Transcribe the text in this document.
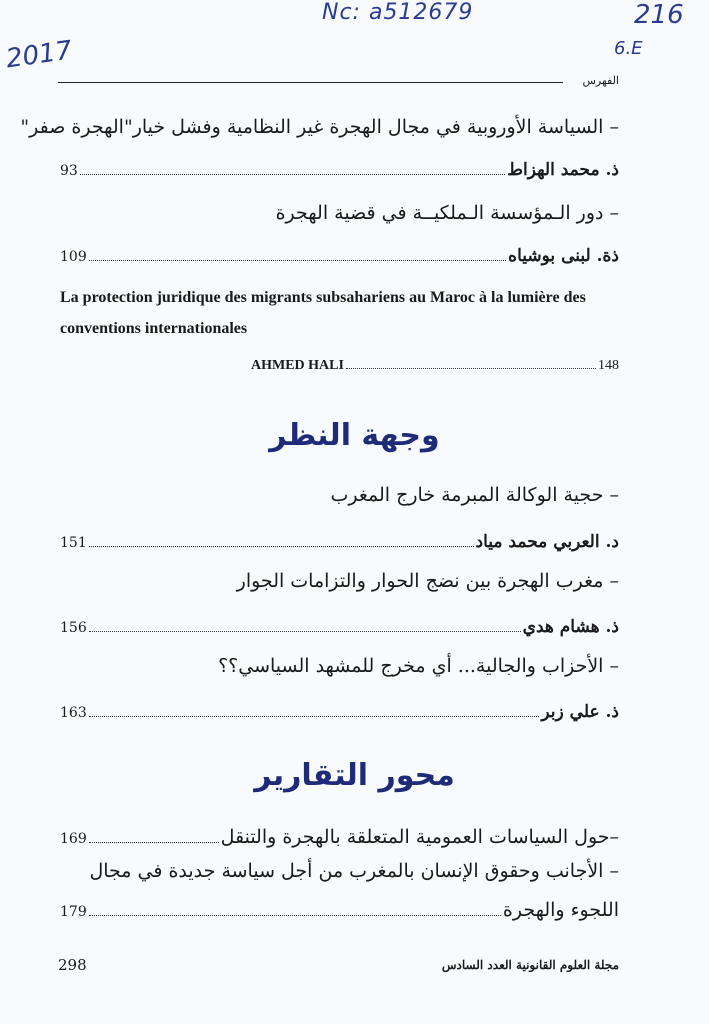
Nc: a512679
2017
216
6.E
الفهرس
– السياسة الأوروبية في مجال الهجرة غير النظامية وفشل خيار"الهجرة صفر"
ذ. محمد الهزاط
93
– دور الـمؤسسة الـملكيــة في قضية الهجرة
ذة. لبنى بوشياه
109
La protection juridique des migrants subsahariens au Maroc à la lumière des conventions internationales
AHMED HALI	148
وجهة النظر
– حجية الوكالة المبرمة خارج المغرب
د. العربي محمد مياد
151
– مغرب الهجرة بين نضج الحوار والتزامات الجوار
ذ. هشام هدي
156
– الأحزاب والجالية... أي مخرج للمشهد السياسي؟؟
ذ. علي زبر
163
محور التقارير
–حول السياسات العمومية المتعلقة بالهجرة والتنقل
169
– الأجانب وحقوق الإنسان بالمغرب من أجل سياسة جديدة في مجال
اللجوء والهجرة
179
مجلة العلوم القانونية العدد السادس
298
